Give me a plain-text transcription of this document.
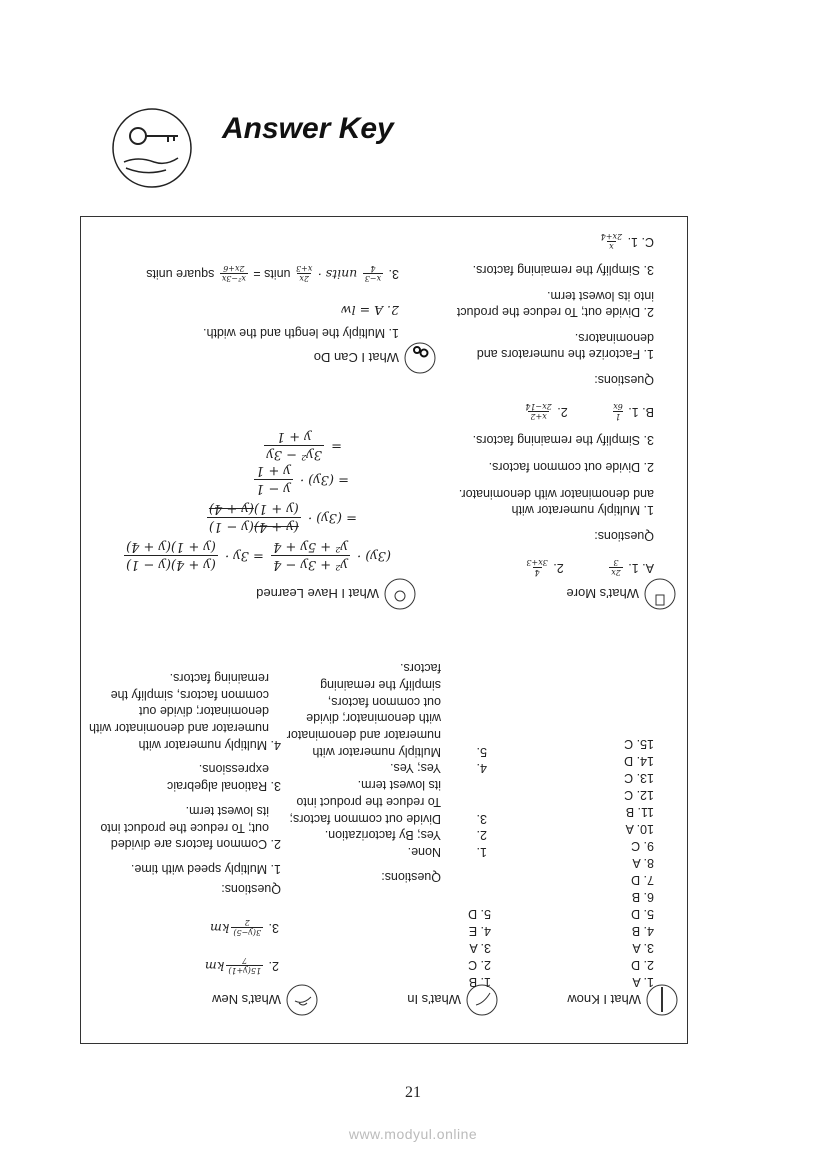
Answer Key
What I Know
1. A
2. D
3. A
4. B
5. D
6. B
7. D
8. A
9. C
10. A
11. B
12. C
13. C
14. D
15. C
What's In
1. B
2. C
3. A
4. E
5. D
Questions:
1.
None.
2.
Yes; By factorization.
3.
Divide out common factors;
To reduce the product into
its lowest term.
4.
Yes; Yes.
5.
Multiply numerator with
numerator and denominator
with denominator; divide
out common factors,
simplify the remaining
factors.
What's New
2.
15(y+1)
7
km
3.
3(y−5)
2
km
Questions:
1. Multiply speed with time.
2. Common factors are divided
out; To reduce the product into
its lowest term.
3. Rational algebraic
expressions.
4. Multiply numerator with
numerator and denominator with
denominator; divide out
common factors, simplify the
remaining factors.
What's More
A. 1.
2x
3
2.
4
3x+3
Questions:
1. Multiply numerator with
and denominator with denominator.
2. Divide out common factors.
3. Simplify the remaining factors.
B. 1.
1
6x
2.
x+2
2x−14
Questions:
1. Factorize the numerators and
denominators.
2. Divide out; To reduce the product
into its lowest term.
3. Simplify the remaining factors.
C. 1.
x
2x+4
What I Have Learned
(3y) ·
y² + 3y − 4
y² + 5y + 4
= 3y ·
(y + 4)(y − 1)
(y + 1)(y + 4)
= (3y) ·
(y + 4)(y − 1)
(y + 1)(y + 4)
= (3y) ·
y − 1
y + 1
=
3y² − 3y
y + 1
What I Can Do
1. Multiply the length and the width.
2. A = lw
3.
x−3
4
units ·
2x
x+3
units =
x²−3x
2x+6
square units
21
www.modyul.online
